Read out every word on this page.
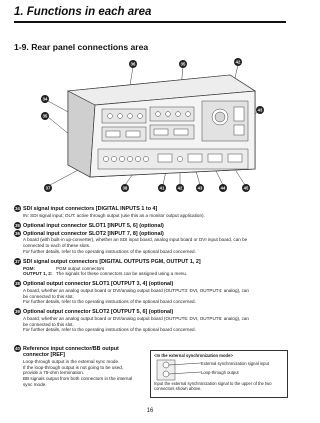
1. Functions in each area
1-9. Rear panel connections area
36	35	42
34
35
43
37	38	41	42	43	44	45
34 SDI signal input connectors [DIGITAL INPUTS 1 to 4]
IN: SDI signal input; OUT: active through output (use this as a monitor output application).
35 Optional input connector SLOT1 [INPUT 5, 6] (optional)
36 Optional input connector SLOT2 [INPUT 7, 8] (optional)
A board (with built-in up-converter), whether an SDI input board, analog input board or DVI input board, can be
connected to each of these slots.
For further details, refer to the operating instructions of the optional board concerned.
37 SDI signal output connectors [DIGITAL OUTPUTS PGM, OUTPUT 1, 2]
PGM:	PGM output connectors
OUTPUT 1, 2: The signals for these connectors can be assigned using a menu.
38 Optional output connector SLOT1 [OUTPUT 3, 4] (optional)
A board, whether an analog output board or DVI/analog output board (OUTPUT3: DVI, OUTPUT4: analog), can
be connected to this slot.
For further details, refer to the operating instructions of the optional board concerned.
39 Optional output connector SLOT2 [OUTPUT 5, 6] (optional)
A board, whether an analog output board or DVI/analog output board (OUTPUT5: DVI, OUTPUT6: analog), can
be connected to this slot.
For further details, refer to the operating instructions of the optional board concerned.
40 Reference input connector/BB output
connector [REF]
Loop-through output in the external sync mode.
If the loop-through output is not going to be used,
provide a 75-ohm termination.
BB signals output from both connectors in the internal
sync mode.
<In the external synchronization mode>
External synchronization signal input
Loop-through output
Input the external synchronization signal to the upper of the two connectors shown above.
16
